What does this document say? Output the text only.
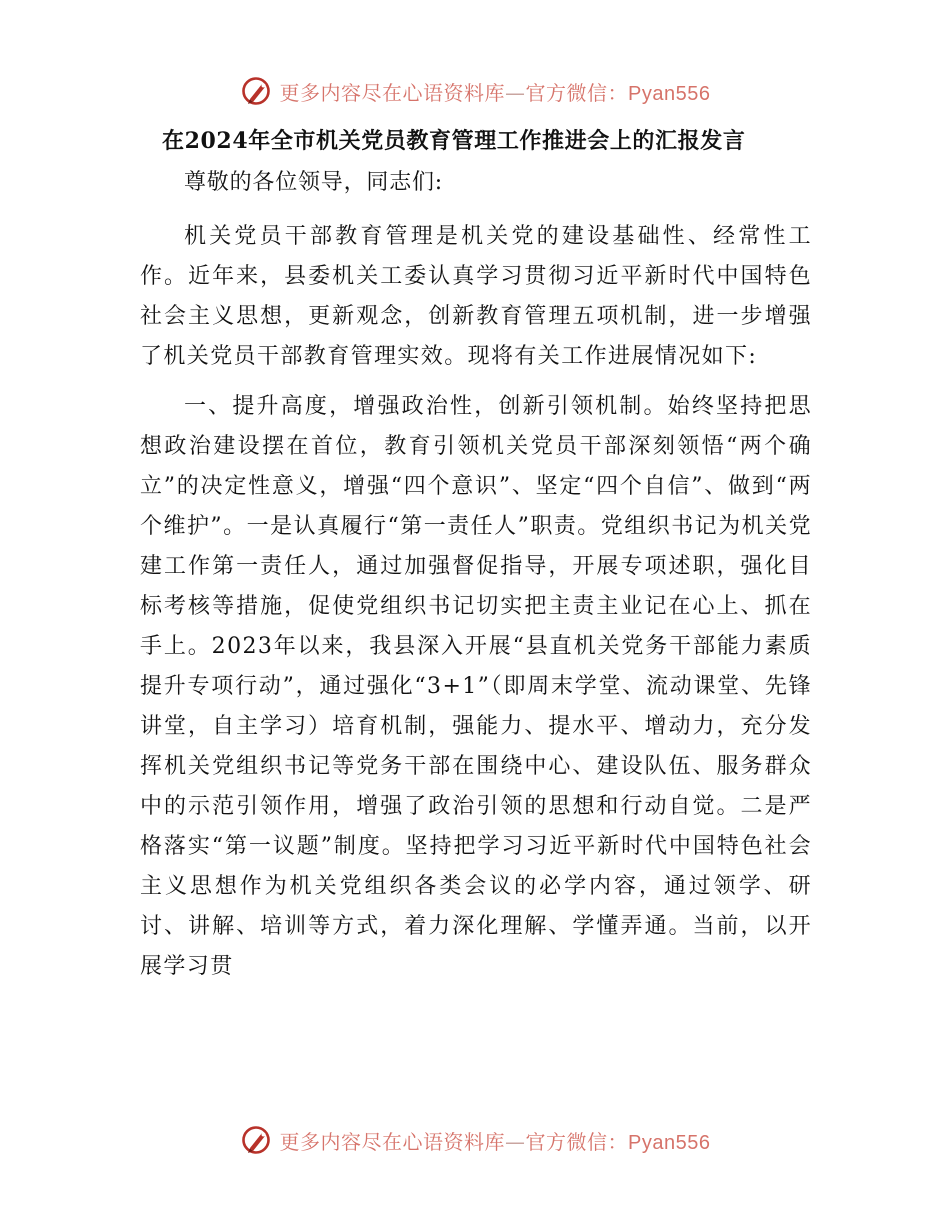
更多内容尽在心语资料库—官方微信：Pyan556
在2024年全市机关党员教育管理工作推进会上的汇报发言

尊敬的各位领导，同志们:

机关党员干部教育管理是机关党的建设基础性、经常性工作。近年来，县委机关工委认真学习贯彻习近平新时代中国特色社会主义思想，更新观念，创新教育管理五项机制，进一步增强了机关党员干部教育管理实效。现将有关工作进展情况如下:

一、提升高度，增强政治性，创新引领机制。始终坚持把思想政治建设摆在首位，教育引领机关党员干部深刻领悟“两个确立”的决定性意义，增强“四个意识”、坚定“四个自信”、做到“两个维护”。一是认真履行“第一责任人”职责。党组织书记为机关党建工作第一责任人，通过加强督促指导，开展专项述职，强化目标考核等措施，促使党组织书记切实把主责主业记在心上、抓在手上。2023年以来，我县深入开展“县直机关党务干部能力素质提升专项行动”，通过强化“3+1”（即周末学堂、流动课堂、先锋讲堂，自主学习）培育机制，强能力、提水平、增动力，充分发挥机关党组织书记等党务干部在围绕中心、建设队伍、服务群众中的示范引领作用，增强了政治引领的思想和行动自觉。二是严格落实“第一议题”制度。坚持把学习习近平新时代中国特色社会主义思想作为机关党组织各类会议的必学内容，通过领学、研讨、讲解、培训等方式，着力深化理解、学懂弄通。当前，以开展学习贯

更多内容尽在心语资料库—官方微信：Pyan556
